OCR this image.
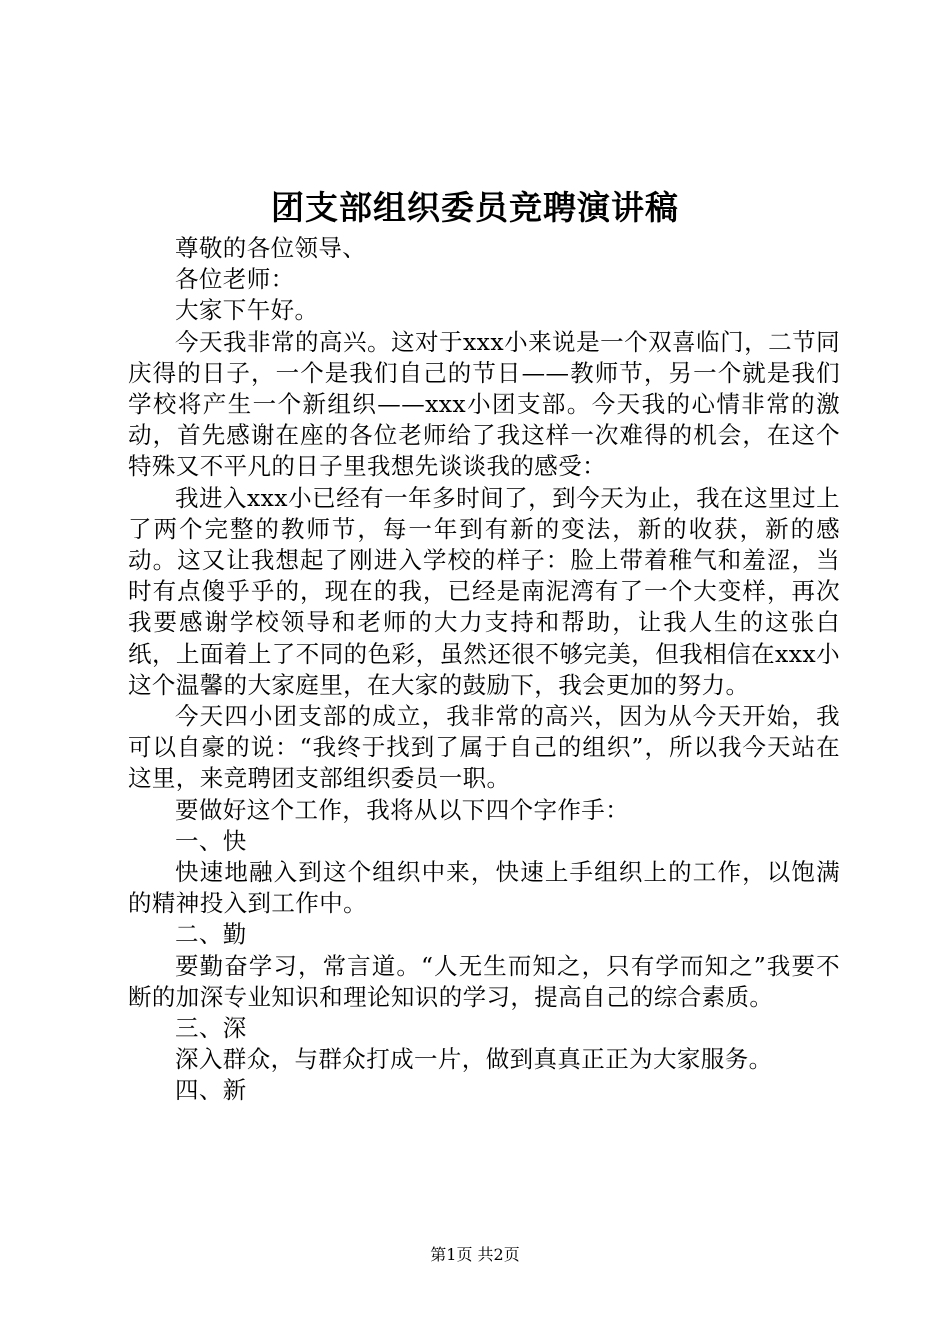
团支部组织委员竞聘演讲稿

尊敬的各位领导、

各位老师：

大家下午好。

今天我非常的高兴。这对于xxx小来说是一个双喜临门，二节同庆得的日子，一个是我们自己的节日——教师节，另一个就是我们学校将产生一个新组织——xxx小团支部。今天我的心情非常的激动，首先感谢在座的各位老师给了我这样一次难得的机会，在这个特殊又不平凡的日子里我想先谈谈我的感受：

我进入xxx小已经有一年多时间了，到今天为止，我在这里过上了两个完整的教师节，每一年到有新的变法，新的收获，新的感动。这又让我想起了刚进入学校的样子：脸上带着稚气和羞涩，当时有点傻乎乎的，现在的我，已经是南泥湾有了一个大变样，再次我要感谢学校领导和老师的大力支持和帮助，让我人生的这张白纸，上面着上了不同的色彩，虽然还很不够完美，但我相信在xxx小这个温馨的大家庭里，在大家的鼓励下，我会更加的努力。

今天四小团支部的成立，我非常的高兴，因为从今天开始，我可以自豪的说：“我终于找到了属于自己的组织”，所以我今天站在这里，来竞聘团支部组织委员一职。

要做好这个工作，我将从以下四个字作手：

一、快

快速地融入到这个组织中来，快速上手组织上的工作，以饱满的精神投入到工作中。

二、勤

要勤奋学习，常言道。“人无生而知之，只有学而知之”我要不断的加深专业知识和理论知识的学习，提高自己的综合素质。

三、深

深入群众，与群众打成一片，做到真真正正为大家服务。

四、新

第1页 共2页
